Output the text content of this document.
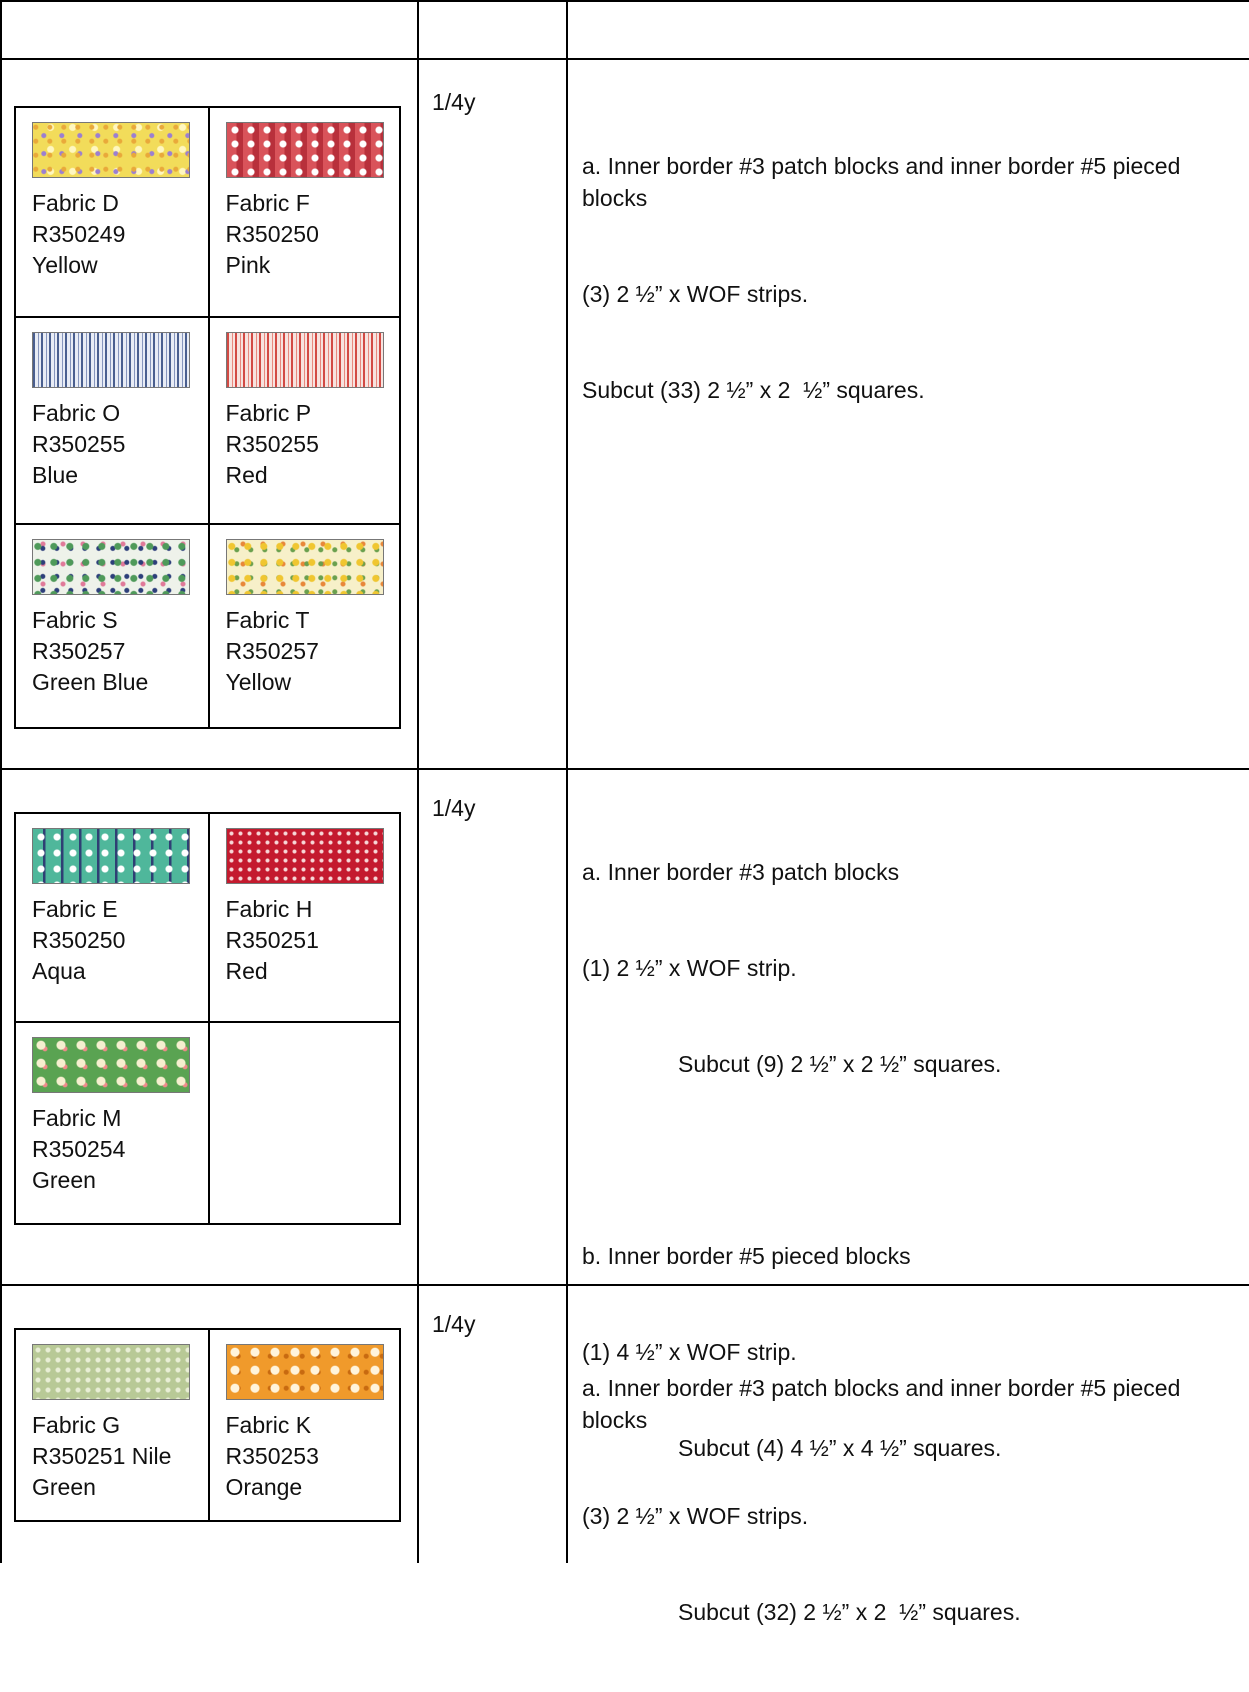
Fabric D
R350249
Yellow
Fabric F
R350250
Pink
Fabric O
R350255
Blue
Fabric P
R350255
Red
Fabric S
R350257
Green Blue
Fabric T
R350257
Yellow
1/4y

a. Inner border #3 patch blocks and inner border #5 pieced blocks

(3) 2 ½” x WOF strips.

Subcut (33) 2 ½” x 2  ½” squares.

Fabric E
R350250
Aqua
Fabric H
R350251
Red
Fabric M
R350254
Green
1/4y

a. Inner border #3 patch blocks

(1) 2 ½” x WOF strip.

Subcut (9) 2 ½” x 2 ½” squares.

b. Inner border #5 pieced blocks

(1) 4 ½” x WOF strip.

Subcut (4) 4 ½” x 4 ½” squares.

Fabric G
R350251 Nile
Green
Fabric K
R350253
Orange
1/4y

a. Inner border #3 patch blocks and inner border #5 pieced blocks

(3) 2 ½” x WOF strips.

Subcut (32) 2 ½” x 2  ½” squares.
